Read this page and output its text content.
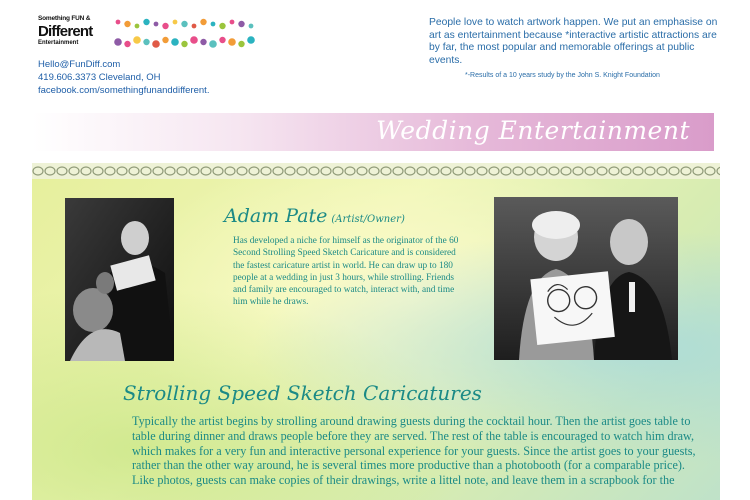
Something FUN &
Different
Entertainment
Hello@FunDiff.com
419.606.3373 Cleveland, OH
facebook.com/somethingfunanddifferent.
People love to watch artwork happen. We put an emphasise on art as entertainment because *interactive artistic attractions are by far, the most popular and memorable offerings at public events.
*-Results of a 10 years study by the John S. Knight Foundation
Wedding Entertainment
Adam Pate (Artist/Owner)
Has developed a niche for himself as the originator of the 60 Second Strolling Speed Sketch Caricature and is considered the fastest caricature artist in world. He can draw up to 180 people at a wedding in just 3 hours, while strolling. Friends and family are encouraged to watch, interact with, and time him while he draws.
Strolling Speed Sketch Caricatures
Typically the artist begins by strolling around drawing guests during the cocktail hour. Then the artist goes table to table during dinner and draws people before they are served. The rest of the table is encouraged to watch him draw, which makes for a very fun and interactive personal experience for your guests. Since the artist goes to your guests, rather than the other way around, he is several times more productive than a photobooth (for a comparable price). Like photos, guests can make copies of their drawings, write a littel note, and leave them in a scrapbook for the
